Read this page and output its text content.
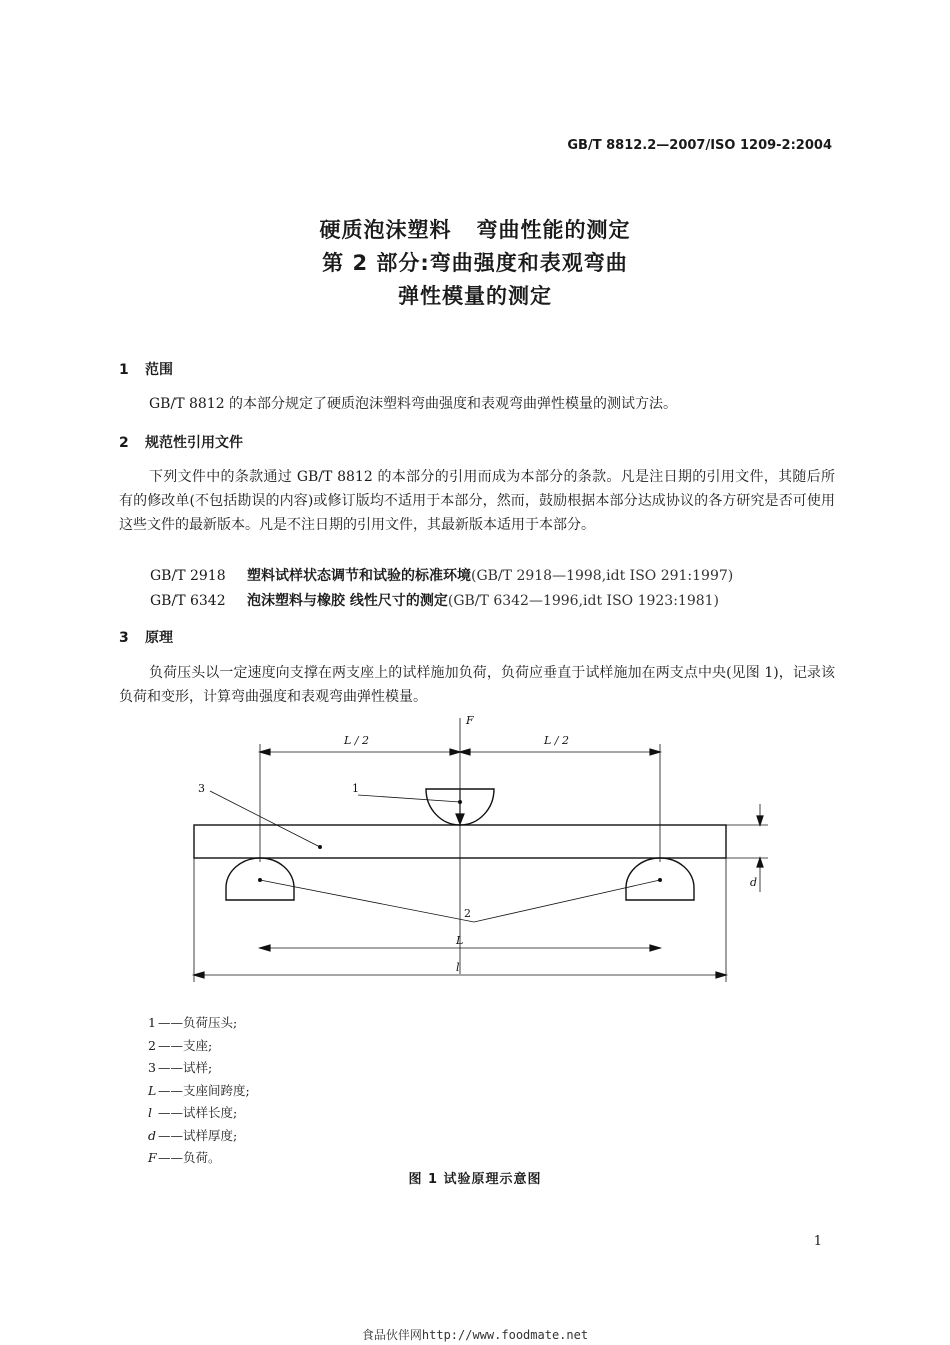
GB/T 8812.2—2007/ISO 1209-2:2004
硬质泡沫塑料   弯曲性能的测定
第 2 部分:弯曲强度和表观弯曲
弹性模量的测定
1 范围
GB/T 8812 的本部分规定了硬质泡沫塑料弯曲强度和表观弯曲弹性模量的测试方法。
2 规范性引用文件
下列文件中的条款通过 GB/T 8812 的本部分的引用而成为本部分的条款。凡是注日期的引用文件，其随后所有的修改单(不包括勘误的内容)或修订版均不适用于本部分，然而，鼓励根据本部分达成协议的各方研究是否可使用这些文件的最新版本。凡是不注日期的引用文件，其最新版本适用于本部分。
GB/T 2918 塑料试样状态调节和试验的标准环境(GB/T 2918—1998,idt ISO 291:1997)
GB/T 6342 泡沫塑料与橡胶 线性尺寸的测定(GB/T 6342—1996,idt ISO 1923:1981)
3 原理
负荷压头以一定速度向支撑在两支座上的试样施加负荷，负荷应垂直于试样施加在两支点中央(见图 1)，记录该负荷和变形，计算弯曲强度和表观弯曲弹性模量。
F
L / 2	L / 2
1
3
2
L
l
d
1 ——负荷压头;
2 ——支座;
3 ——试样;
L ——支座间跨度;
l ——试样长度;
d ——试样厚度;
F——负荷。
图 1 试验原理示意图
1
食品伙伴网http://www.foodmate.net
